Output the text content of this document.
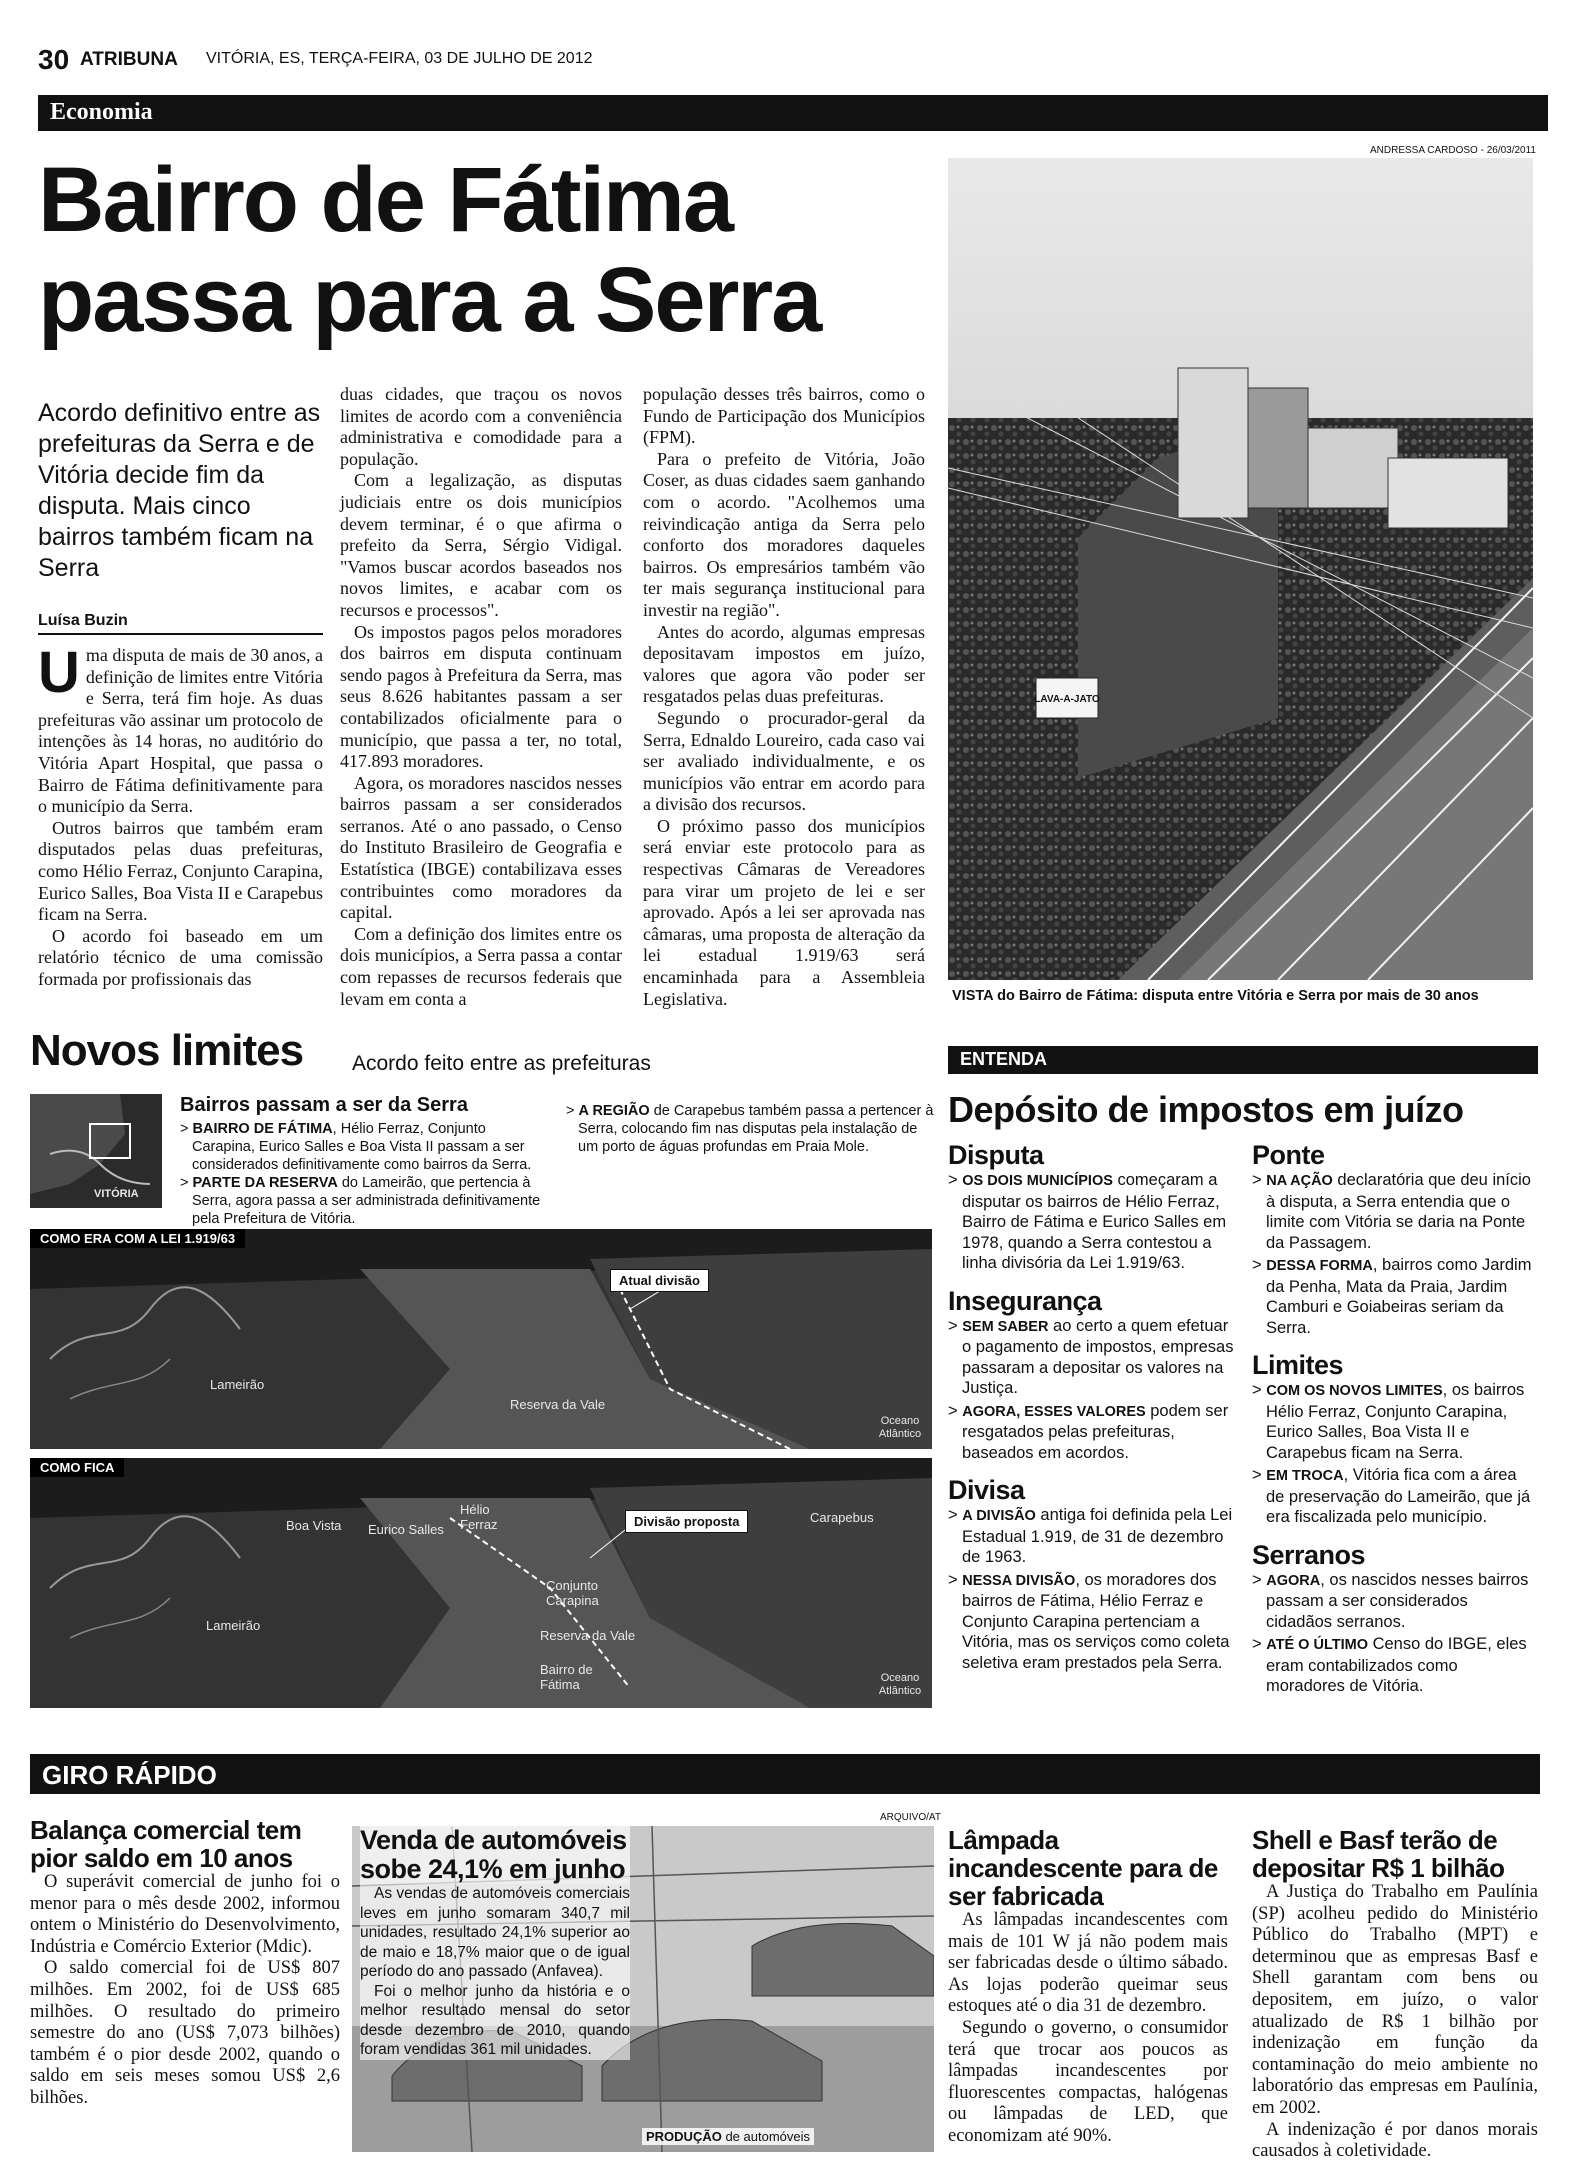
30 ATRIBUNA VITÓRIA, ES, TERÇA-FEIRA, 03 DE JULHO DE 2012
Economia
Bairro de Fátima
passa para a Serra
Acordo definitivo entre as prefeituras da Serra e de Vitória decide fim da disputa. Mais cinco bairros também ficam na Serra
Luísa Buzin

Uma disputa de mais de 30 anos, a definição de limites entre Vitória e Serra, terá fim hoje. As duas prefeituras vão assinar um protocolo de intenções às 14 horas, no auditório do Vitória Apart Hospital, que passa o Bairro de Fátima definitivamente para o município da Serra.

Outros bairros que também eram disputados pelas duas prefeituras, como Hélio Ferraz, Conjunto Carapina, Eurico Salles, Boa Vista II e Carapebus ficam na Serra.

O acordo foi baseado em um relatório técnico de uma comissão formada por profissionais das

duas cidades, que traçou os novos limites de acordo com a conveniência administrativa e comodidade para a população.

Com a legalização, as disputas judiciais entre os dois municípios devem terminar, é o que afirma o prefeito da Serra, Sérgio Vidigal. "Vamos buscar acordos baseados nos novos limites, e acabar com os recursos e processos".

Os impostos pagos pelos moradores dos bairros em disputa continuam sendo pagos à Prefeitura da Serra, mas seus 8.626 habitantes passam a ser contabilizados oficialmente para o município, que passa a ter, no total, 417.893 moradores.

Agora, os moradores nascidos nesses bairros passam a ser considerados serranos. Até o ano passado, o Censo do Instituto Brasileiro de Geografia e Estatística (IBGE) contabilizava esses contribuintes como moradores da capital.

Com a definição dos limites entre os dois municípios, a Serra passa a contar com repasses de recursos federais que levam em conta a

população desses três bairros, como o Fundo de Participação dos Municípios (FPM).

Para o prefeito de Vitória, João Coser, as duas cidades saem ganhando com o acordo. "Acolhemos uma reivindicação antiga da Serra pelo conforto dos moradores daqueles bairros. Os empresários também vão ter mais segurança institucional para investir na região".

Antes do acordo, algumas empresas depositavam impostos em juízo, valores que agora vão poder ser resgatados pelas duas prefeituras.

Segundo o procurador-geral da Serra, Ednaldo Loureiro, cada caso vai ser avaliado individualmente, e os municípios vão entrar em acordo para a divisão dos recursos.

O próximo passo dos municípios será enviar este protocolo para as respectivas Câmaras de Vereadores para virar um projeto de lei e ser aprovado. Após a lei ser aprovada nas câmaras, uma proposta de alteração da lei estadual 1.919/63 será encaminhada para a Assembleia Legislativa.

ANDRESSA CARDOSO - 26/03/2011
LAVA-A-JATO
VISTA do Bairro de Fátima: disputa entre Vitória e Serra por mais de 30 anos
Novos limites Acordo feito entre as prefeituras
VITÓRIA
Bairros passam a ser da Serra
> BAIRRO DE FÁTIMA, Hélio Ferraz, Conjunto Carapina, Eurico Salles e Boa Vista II passam a ser considerados definitivamente como bairros da Serra.
> PARTE DA RESERVA do Lameirão, que pertencia à Serra, agora passa a ser administrada definitivamente pela Prefeitura de Vitória.
> A REGIÃO de Carapebus também passa a pertencer à Serra, colocando fim nas disputas pela instalação de um porto de águas profundas em Praia Mole.
COMO ERA COM A LEI 1.919/63
Atual divisão
Lameirão
Reserva da Vale
Oceano Atlântico
COMO FICA
Divisão proposta
Boa Vista Eurico Salles
Hélio Ferraz	Carapebus
Conjunto Carapina
Lameirão
Reserva da Vale
Bairro de Fátima	Oceano Atlântico
ENTENDA
Depósito de impostos em juízo
Disputa
> OS DOIS MUNICÍPIOS começaram a disputar os bairros de Hélio Ferraz, Bairro de Fátima e Eurico Salles em 1978, quando a Serra contestou a linha divisória da Lei 1.919/63.
Insegurança
> SEM SABER ao certo a quem efetuar o pagamento de impostos, empresas passaram a depositar os valores na Justiça.
> AGORA, ESSES VALORES podem ser resgatados pelas prefeituras, baseados em acordos.
Divisa
> A DIVISÃO antiga foi definida pela Lei Estadual 1.919, de 31 de dezembro de 1963.
> NESSA DIVISÃO, os moradores dos bairros de Fátima, Hélio Ferraz e Conjunto Carapina pertenciam a Vitória, mas os serviços como coleta seletiva eram prestados pela Serra.
Ponte
> NA AÇÃO declaratória que deu início à disputa, a Serra entendia que o limite com Vitória se daria na Ponte da Passagem.
> DESSA FORMA, bairros como Jardim da Penha, Mata da Praia, Jardim Camburi e Goiabeiras seriam da Serra.
Limites
> COM OS NOVOS LIMITES, os bairros Hélio Ferraz, Conjunto Carapina, Eurico Salles, Boa Vista II e Carapebus ficam na Serra.
> EM TROCA, Vitória fica com a área de preservação do Lameirão, que já era fiscalizada pelo município.
Serranos
> AGORA, os nascidos nesses bairros passam a ser considerados cidadãos serranos.
> ATÉ O ÚLTIMO Censo do IBGE, eles eram contabilizados como moradores de Vitória.
GIRO RÁPIDO
Balança comercial tem pior saldo em 10 anos

O superávit comercial de junho foi o menor para o mês desde 2002, informou ontem o Ministério do Desenvolvimento, Indústria e Comércio Exterior (Mdic).

O saldo comercial foi de US$ 807 milhões. Em 2002, foi de US$ 685 milhões. O resultado do primeiro semestre do ano (US$ 7,073 bilhões) também é o pior desde 2002, quando o saldo em seis meses somou US$ 2,6 bilhões.

ARQUIVO/AT
Venda de automóveis sobe 24,1% em junho

As vendas de automóveis comerciais leves em junho somaram 340,7 mil unidades, resultado 24,1% superior ao de maio e 18,7% maior que o de igual período do ano passado (Anfavea).

Foi o melhor junho da história e o melhor resultado mensal do setor desde dezembro de 2010, quando foram vendidas 361 mil unidades.

PRODUÇÃO de automóveis
Lâmpada incandescente para de ser fabricada

As lâmpadas incandescentes com mais de 101 W já não podem mais ser fabricadas desde o último sábado. As lojas poderão queimar seus estoques até o dia 31 de dezembro.

Segundo o governo, o consumidor terá que trocar aos poucos as lâmpadas incandescentes por fluorescentes compactas, halógenas ou lâmpadas de LED, que economizam até 90%.

Shell e Basf terão de depositar R$ 1 bilhão

A Justiça do Trabalho em Paulínia (SP) acolheu pedido do Ministério Público do Trabalho (MPT) e determinou que as empresas Basf e Shell garantam com bens ou depositem, em juízo, o valor atualizado de R$ 1 bilhão por indenização em função da contaminação do meio ambiente no laboratório das empresas em Paulínia, em 2002.

A indenização é por danos morais causados à coletividade.
